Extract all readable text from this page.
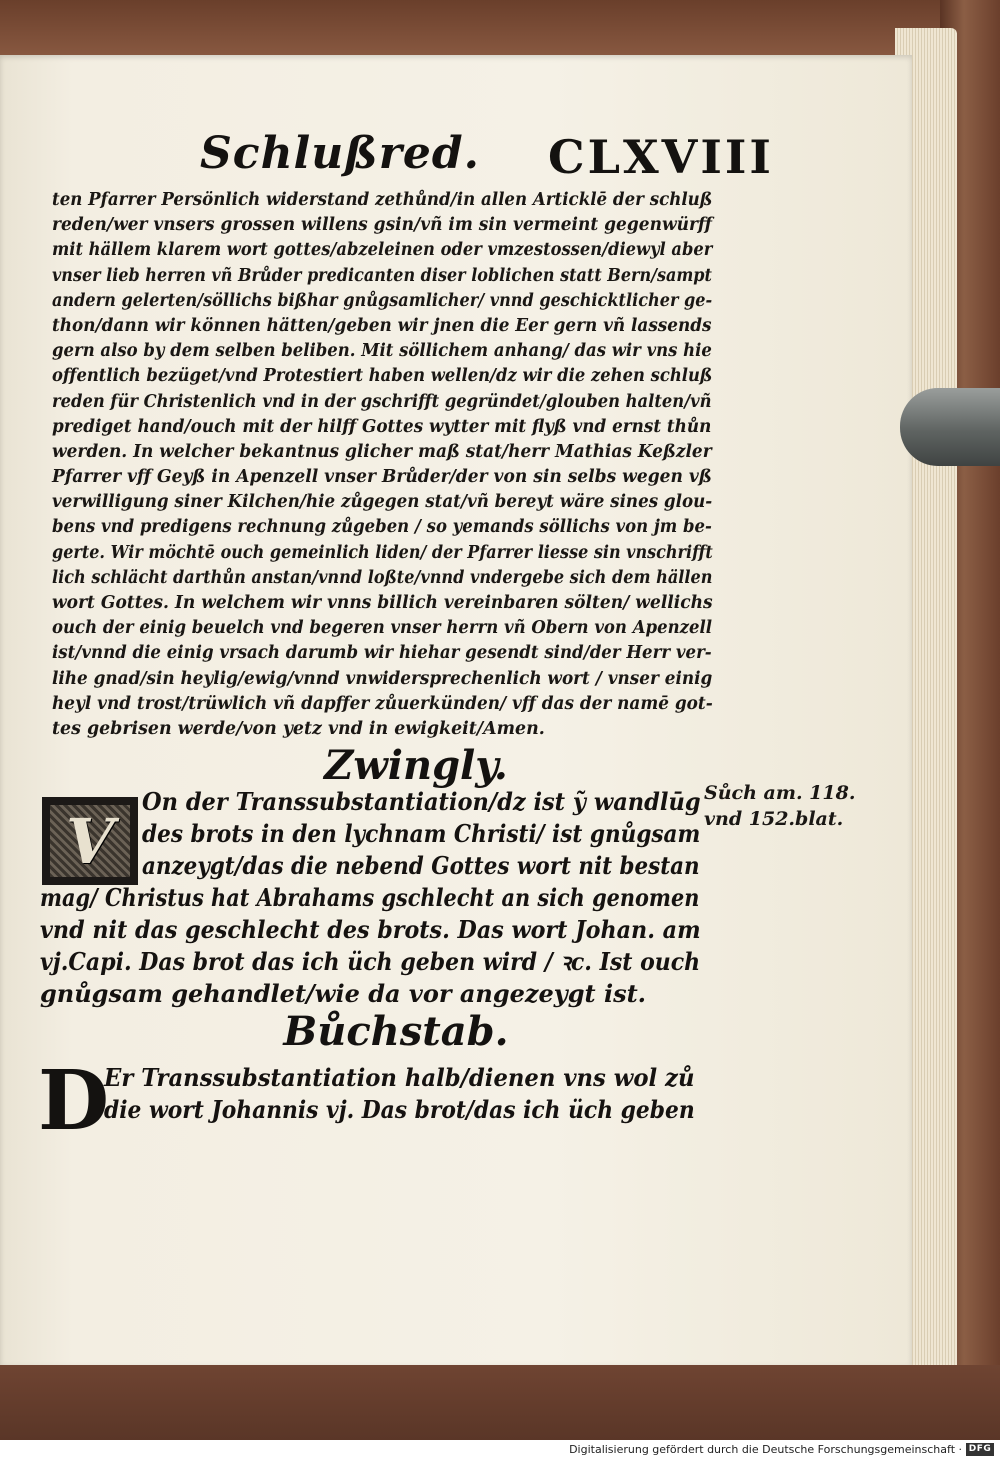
Schlußred. CLXVIII
ten Pfarrer Persönlich widerstand zethůnd/in allen Articklē der schluß
reden/wer vnsers grossen willens gsin/vñ im sin vermeint gegenwürff
mit hällem klarem wort gottes/abzeleinen oder vmzestossen/diewyl aber
vnser lieb herren vñ Brůder predicanten diser loblichen statt Bern/sampt
andern gelerten/söllichs bißhar gnůgsamlicher/ vnnd geschicktlicher ge-
thon/dann wir können hätten/geben wir jnen die Eer gern vñ lassends
gern also by dem selben beliben. Mit söllichem anhang/ das wir vns hie
offentlich bezüget/vnd Protestiert haben wellen/dz wir die zehen schluß
reden für Christenlich vnd in der gschrifft gegründet/glouben halten/vñ
prediget hand/ouch mit der hilff Gottes wytter mit flyß vnd ernst thůn
werden. In welcher bekantnus glicher maß stat/herr Mathias Keßzler
Pfarrer vff Geyß in Apenzell vnser Brůder/der von sin selbs wegen vß
verwilligung siner Kilchen/hie zůgegen stat/vñ bereyt wäre sines glou-
bens vnd predigens rechnung zůgeben / so yemands söllichs von jm be-
gerte. Wir möchtē ouch gemeinlich liden/ der Pfarrer liesse sin vnschrifft
lich schlächt darthůn anstan/vnnd loßte/vnnd vndergebe sich dem hällen
wort Gottes. In welchem wir vnns billich vereinbaren sölten/ wellichs
ouch der einig beuelch vnd begeren vnser herrn vñ Obern von Apenzell
ist/vnnd die einig vrsach darumb wir hiehar gesendt sind/der Herr ver-
lihe gnad/sin heylig/ewig/vnnd vnwidersprechenlich wort / vnser einig
heyl vnd trost/trüwlich vñ dapffer zůuerkünden/ vff das der namē got-
tes gebrisen werde/von yetz vnd in ewigkeit/Amen.
Zwingly.
V
On der Transsubstantiation/dz ist ỹ wandlūg
des brots in den lychnam Christi/ ist gnůgsam
anzeygt/das die nebend Gottes wort nit bestan
mag/ Christus hat Abrahams gschlecht an sich genomen
vnd nit das geschlecht des brots. Das wort Johan. am
vj.Capi. Das brot das ich üch geben wird / ꝛc. Ist ouch
gnůgsam gehandlet/wie da vor angezeygt ist.
Sůch am. 118.
vnd 152.blat.
Bůchstab.
D
Er Transsubstantiation halb/dienen vns wol zů
die wort Johannis vj. Das brot/das ich üch geben
Digitalisierung gefördert durch die Deutsche Forschungsgemeinschaft · DFG
